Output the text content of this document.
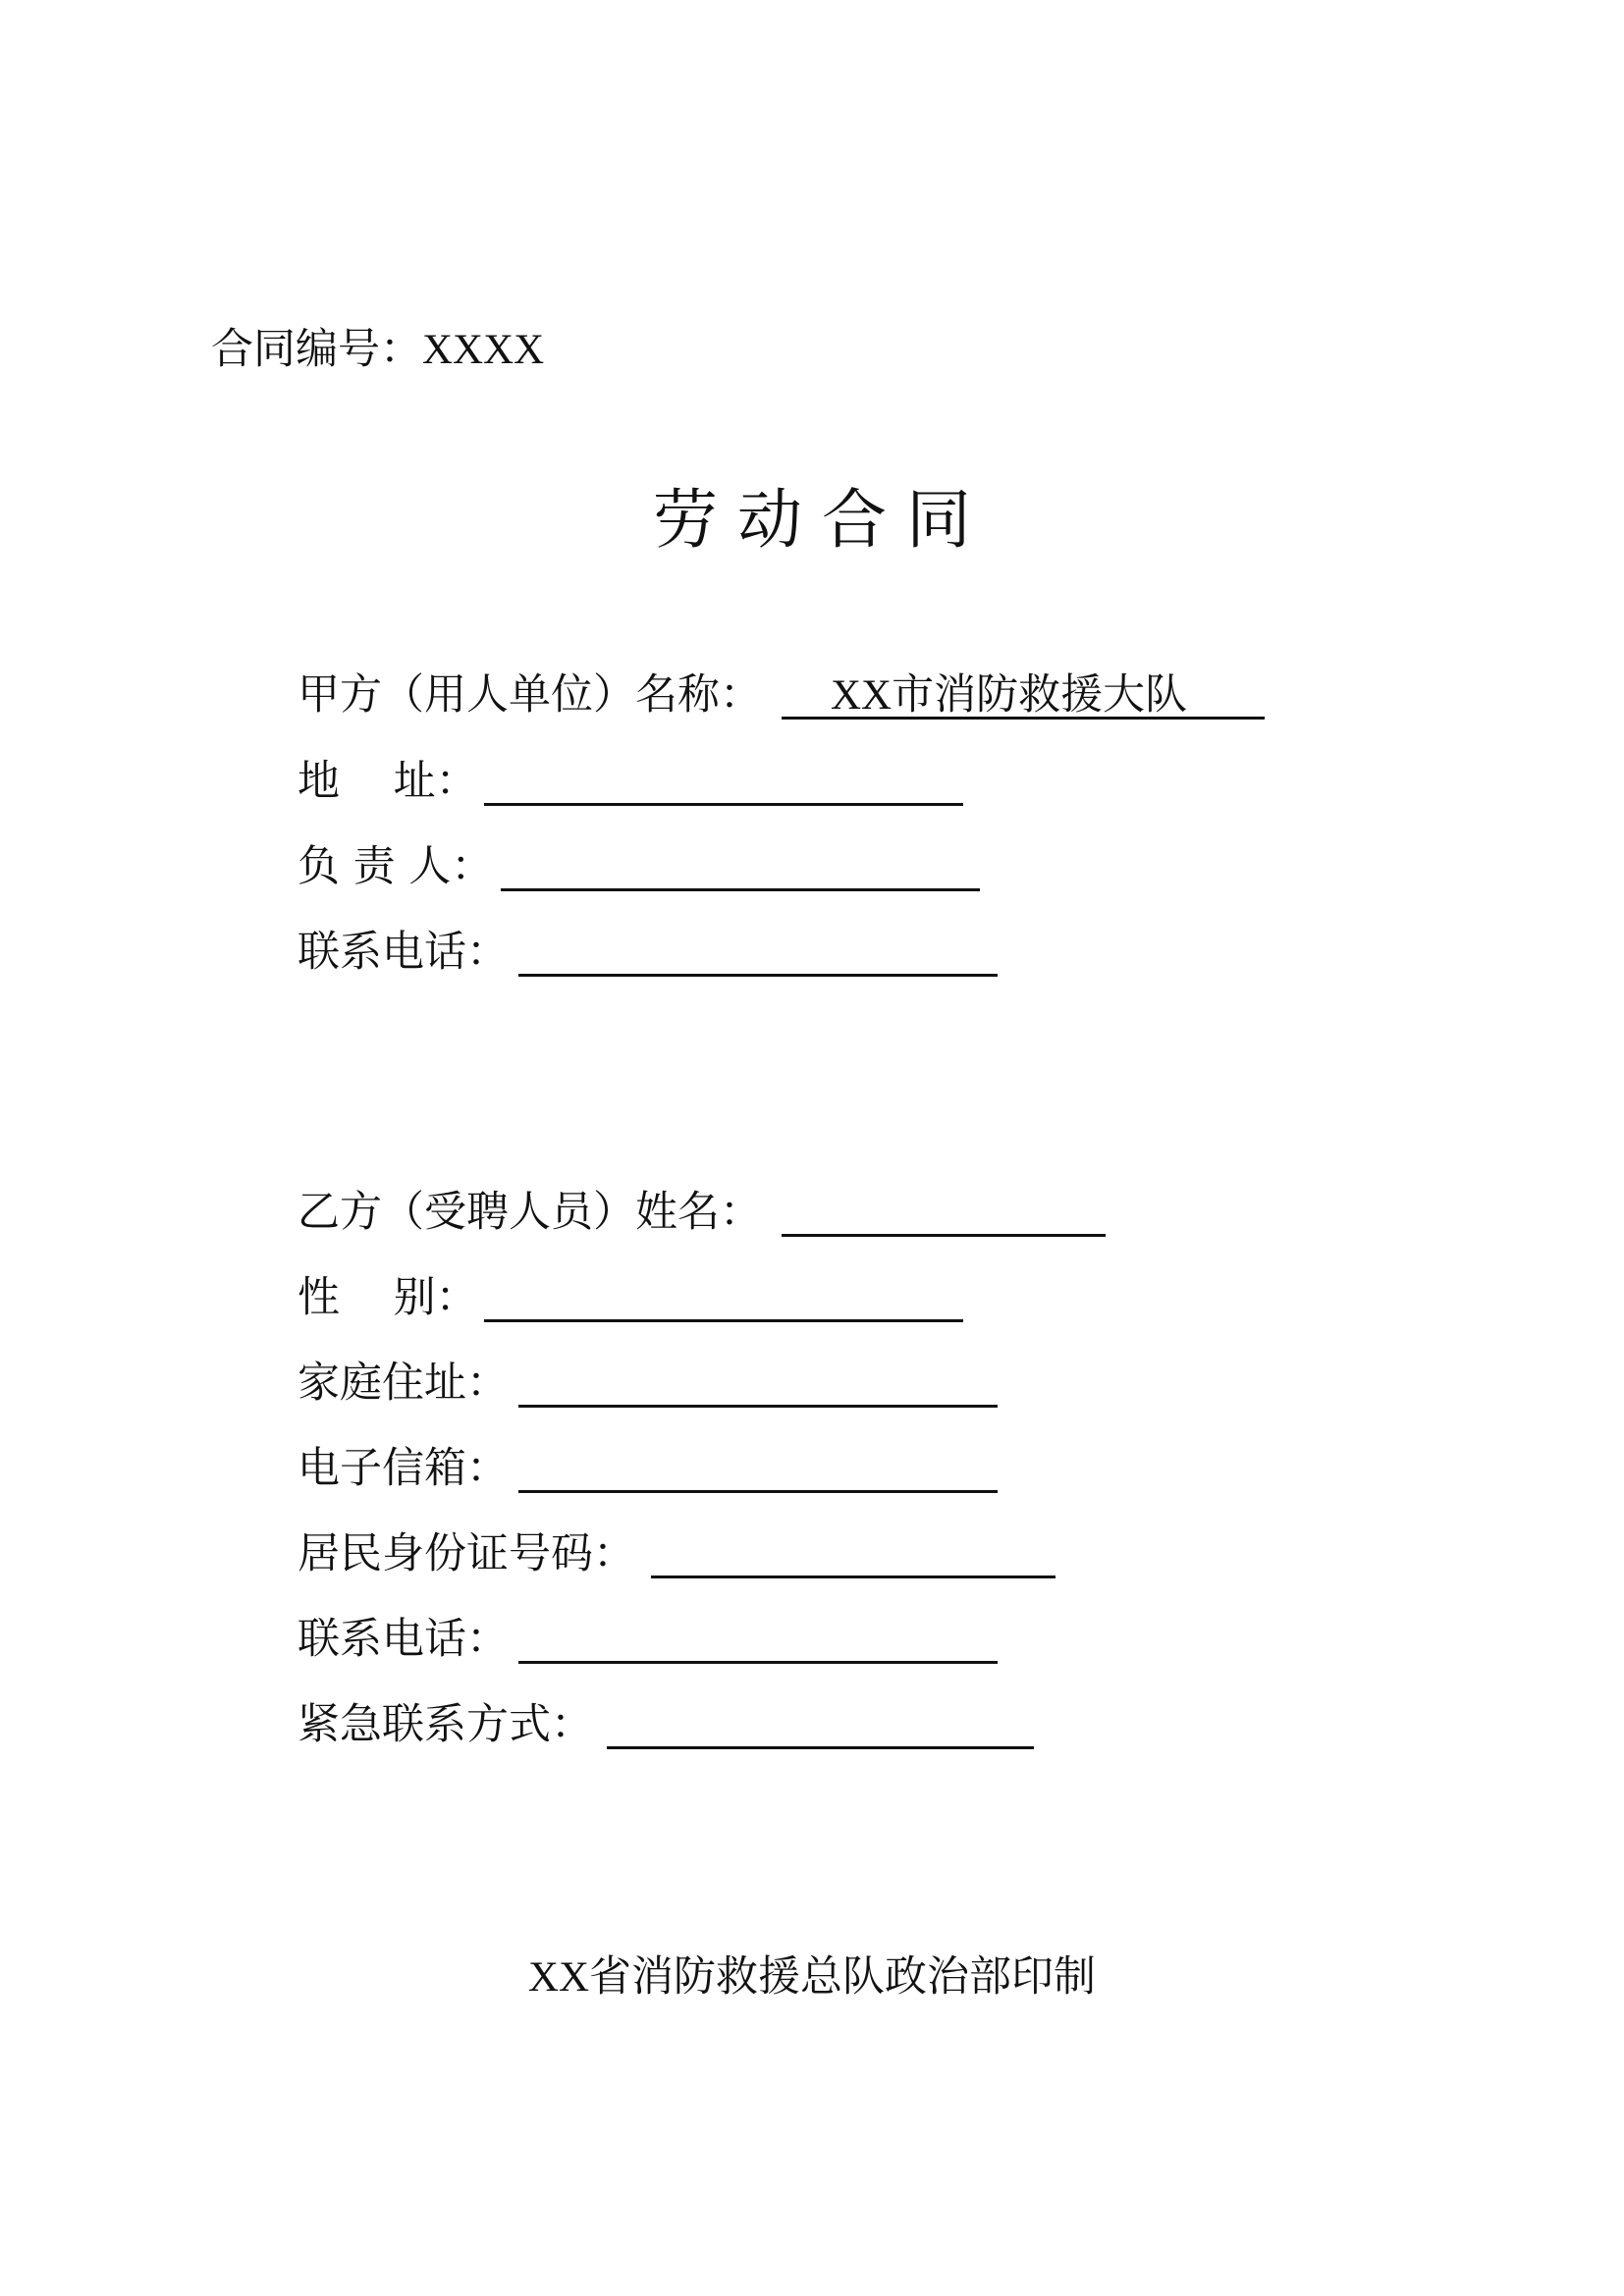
合同编号：XXXX
劳动合同
甲方（用人单位）名称： XX市消防救援大队
地    址：
负 责 人：
联系电话：
乙方（受聘人员）姓名：
性    别：
家庭住址：
电子信箱：
居民身份证号码：
联系电话：
紧急联系方式：
XX省消防救援总队政治部印制
